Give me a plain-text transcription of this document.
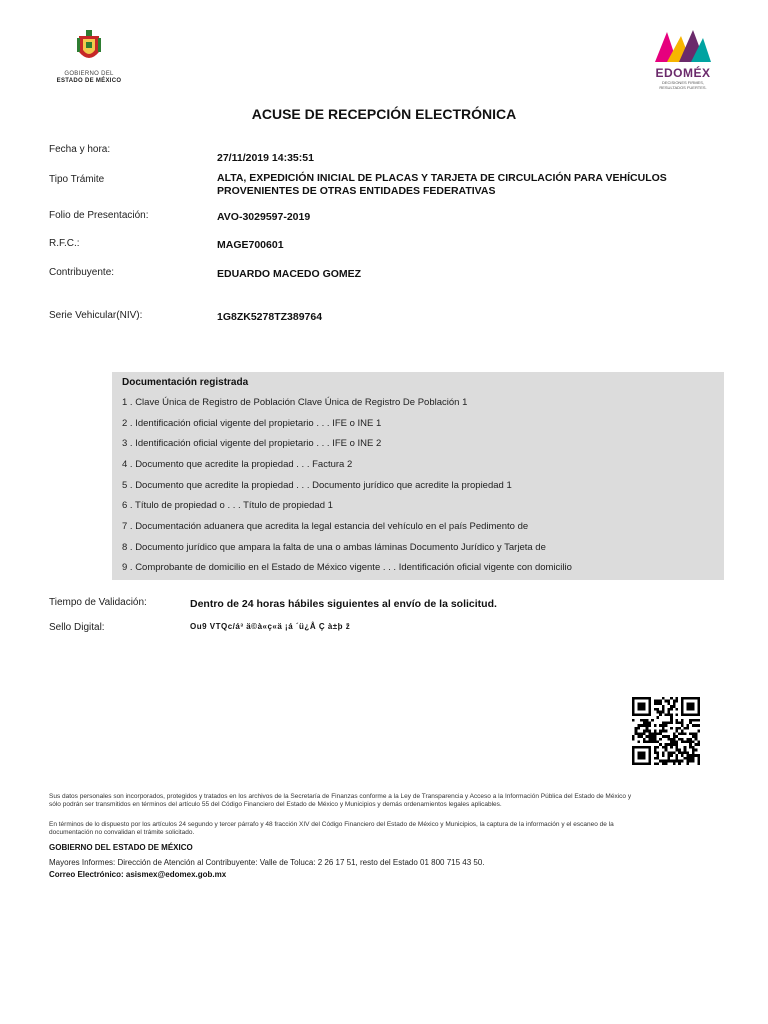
GOBIERNO DEL
ESTADO DE MÉXICO
EDOMÉX
DECISIONES FIRMES,
RESULTADOS FUERTES.
ACUSE DE RECEPCIÓN ELECTRÓNICA
Fecha y hora:
27/11/2019 14:35:51
Tipo Trámite	ALTA, EXPEDICIÓN INICIAL DE PLACAS Y TARJETA DE CIRCULACIÓN PARA VEHÍCULOS
PROVENIENTES DE OTRAS ENTIDADES FEDERATIVAS
Folio de Presentación:	AVO-3029597-2019
R.F.C.:	MAGE700601
Contribuyente:	EDUARDO MACEDO GOMEZ
Serie Vehicular(NIV):	1G8ZK5278TZ389764
Documentación registrada
1 . Clave Única de Registro de Población Clave Única de Registro De Población 1
2 . Identificación oficial vigente del propietario . . . IFE o INE 1
3 . Identificación oficial vigente del propietario . . . IFE o INE 2
4 . Documento que acredite la propiedad . . . Factura 2
5 . Documento que acredite la propiedad . . . Documento jurídico que acredite la propiedad 1
6 . Título de propiedad o . . . Título de propiedad 1
7 . Documentación aduanera que acredita la legal estancia del vehículo en el país Pedimento de
8 . Documento jurídico que ampara la falta de una o ambas láminas Documento Jurídico y Tarjeta de
9 . Comprobante de domicilio en el Estado de México vigente . . . Identificación oficial vigente con domicilio
Tiempo de Validación:	Dentro de 24 horas hábiles siguientes al envío de la solicitud.
Sello Digital:	Ou9 VTQc/á³ ä©à«ç«ä ¡á ´ü¿Å Ç à±þ ž
Sus datos personales son incorporados, protegidos y tratados en los archivos de la Secretaría de Finanzas conforme a la Ley de Transparencia y Acceso a la Información Pública del Estado de México y
sólo podrán ser transmitidos en términos del artículo 55 del Código Financiero del Estado de México y Municipios y demás ordenamientos legales aplicables.
En términos de lo dispuesto por los artículos 24 segundo y tercer párrafo y 48 fracción XIV del Código Financiero del Estado de México y Municipios, la captura de la información y el escaneo de la
documentación no convalidan el trámite solicitado.
GOBIERNO DEL ESTADO DE MÉXICO
Mayores Informes: Dirección de Atención al Contribuyente: Valle de Toluca: 2 26 17 51, resto del Estado 01 800 715 43 50.
Correo Electrónico: asismex@edomex.gob.mx
